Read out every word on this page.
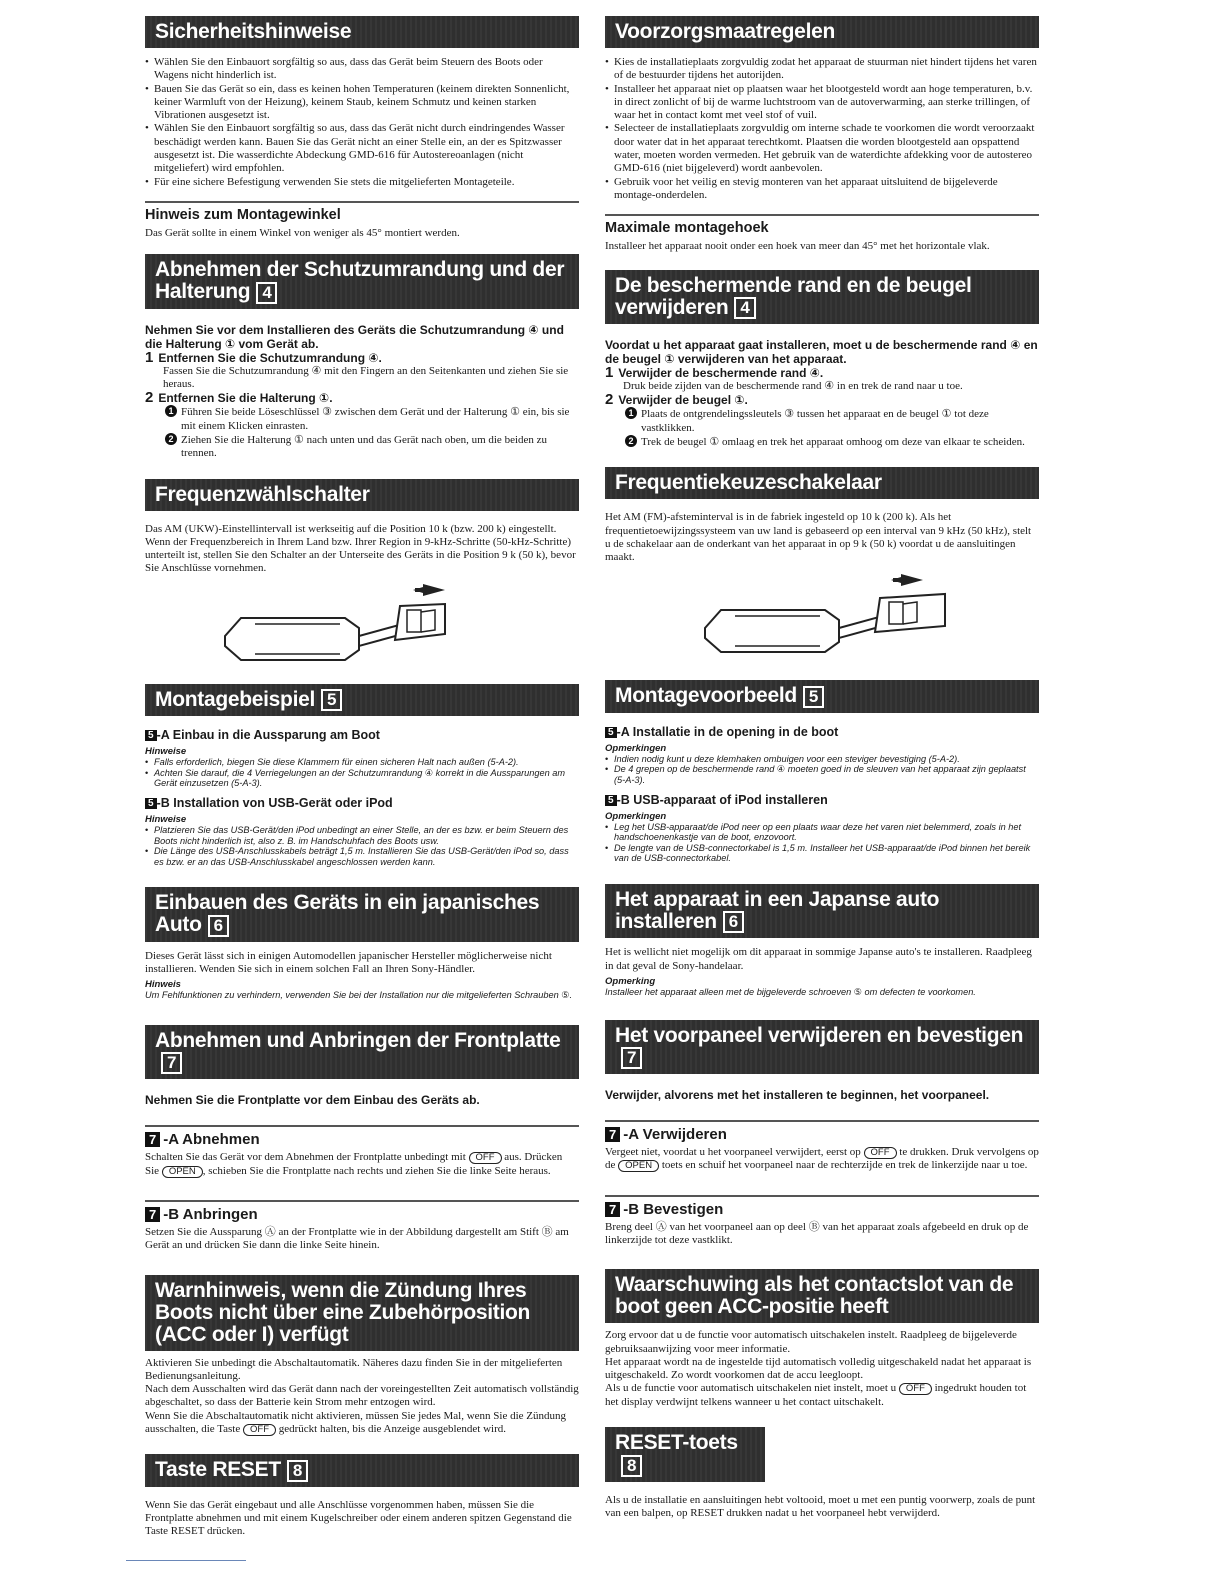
Sicherheitshinweise
• Wählen Sie den Einbauort sorgfältig so aus, dass das Gerät beim Steuern des Boots oder Wagens nicht hinderlich ist.
• Bauen Sie das Gerät so ein, dass es keinen hohen Temperaturen (keinem direkten Sonnenlicht, keiner Warmluft von der Heizung), keinem Staub, keinem Schmutz und keinen starken Vibrationen ausgesetzt ist.
• Wählen Sie den Einbauort sorgfältig so aus, dass das Gerät nicht durch eindringendes Wasser beschädigt werden kann. Bauen Sie das Gerät nicht an einer Stelle ein, an der es Spitzwasser ausgesetzt ist. Die wasserdichte Abdeckung GMD-616 für Autostereoanlagen (nicht mitgeliefert) wird empfohlen.
• Für eine sichere Befestigung verwenden Sie stets die mitgelieferten Montageteile.

Hinweis zum Montagewinkel

Das Gerät sollte in einem Winkel von weniger als 45° montiert werden.

Abnehmen der Schutzumrandung und der Halterung 4

Nehmen Sie vor dem Installieren des Geräts die Schutzumrandung ④ und die Halterung ① vom Gerät ab.

1 Entfernen Sie die Schutzumrandung ④.

Fassen Sie die Schutzumrandung ④ mit den Fingern an den Seitenkanten und ziehen Sie sie heraus.

2 Entfernen Sie die Halterung ①.

1 Führen Sie beide Löseschlüssel ③ zwischen dem Gerät und der Halterung ① ein, bis sie mit einem Klicken einrasten.

2 Ziehen Sie die Halterung ① nach unten und das Gerät nach oben, um die beiden zu trennen.

Frequenzwählschalter

Das AM (UKW)-Einstellintervall ist werkseitig auf die Position 10 k (bzw. 200 k) eingestellt. Wenn der Frequenzbereich in Ihrem Land bzw. Ihrer Region in 9-kHz-Schritte (50-kHz-Schritte) unterteilt ist, stellen Sie den Schalter an der Unterseite des Geräts in die Position 9 k (50 k), bevor Sie Anschlüsse vornehmen.

Montagebeispiel 5

5 -A Einbau in die Aussparung am Boot

Hinweise

• Falls erforderlich, biegen Sie diese Klammern für einen sicheren Halt nach außen (5-A-2).
• Achten Sie darauf, die 4 Verriegelungen an der Schutzumrandung ④ korrekt in die Aussparungen am Gerät einzusetzen (5-A-3).

5 -B Installation von USB-Gerät oder iPod

Hinweise

• Platzieren Sie das USB-Gerät/den iPod unbedingt an einer Stelle, an der es bzw. er beim Steuern des Boots nicht hinderlich ist, also z. B. im Handschuhfach des Boots usw.
• Die Länge des USB-Anschlusskabels beträgt 1,5 m. Installieren Sie das USB-Gerät/den iPod so, dass es bzw. er an das USB-Anschlusskabel angeschlossen werden kann.
Einbauen des Geräts in ein japanisches Auto 6

Dieses Gerät lässt sich in einigen Automodellen japanischer Hersteller möglicherweise nicht installieren. Wenden Sie sich in einem solchen Fall an Ihren Sony-Händler.

Hinweis

Um Fehlfunktionen zu verhindern, verwenden Sie bei der Installation nur die mitgelieferten Schrauben ⑤.

Abnehmen und Anbringen der Frontplatte7

Nehmen Sie die Frontplatte vor dem Einbau des Geräts ab.

7 -A Abnehmen

Schalten Sie das Gerät vor dem Abnehmen der Frontplatte unbedingt mit OFF aus. Drücken Sie OPEN , schieben Sie die Frontplatte nach rechts und ziehen Sie die linke Seite heraus.

7 -B Anbringen

Setzen Sie die Aussparung Ⓐ an der Frontplatte wie in der Abbildung dargestellt am Stift Ⓑ am Gerät an und drücken Sie dann die linke Seite hinein.

Warnhinweis, wenn die Zündung Ihres Boots nicht über eine Zubehörposition (ACC oder I) verfügt

Aktivieren Sie unbedingt die Abschaltautomatik. Näheres dazu finden Sie in der mitgelieferten Bedienungsanleitung.

Nach dem Ausschalten wird das Gerät dann nach der voreingestellten Zeit automatisch vollständig abgeschaltet, so dass der Batterie kein Strom mehr entzogen wird.

Wenn Sie die Abschaltautomatik nicht aktivieren, müssen Sie jedes Mal, wenn Sie die Zündung ausschalten, die Taste OFF gedrückt halten, bis die Anzeige ausgeblendet wird.

Taste RESET 8

Wenn Sie das Gerät eingebaut und alle Anschlüsse vorgenommen haben, müssen Sie die Frontplatte abnehmen und mit einem Kugelschreiber oder einem anderen spitzen Gegenstand die Taste RESET drücken.

Voorzorgsmaatregelen
• Kies de installatieplaats zorgvuldig zodat het apparaat de stuurman niet hindert tijdens het varen of de bestuurder tijdens het autorijden.
• Installeer het apparaat niet op plaatsen waar het blootgesteld wordt aan hoge temperaturen, b.v. in direct zonlicht of bij de warme luchtstroom van de autoverwarming, aan sterke trillingen, of waar het in contact komt met veel stof of vuil.
• Selecteer de installatieplaats zorgvuldig om interne schade te voorkomen die wordt veroorzaakt door water dat in het apparaat terechtkomt. Plaatsen die worden blootgesteld aan opspattend water, moeten worden vermeden. Het gebruik van de waterdichte afdekking voor de autostereo GMD-616 (niet bijgeleverd) wordt aanbevolen.
• Gebruik voor het veilig en stevig monteren van het apparaat uitsluitend de bijgeleverde montage-onderdelen.

Maximale montagehoek

Installeer het apparaat nooit onder een hoek van meer dan 45° met het horizontale vlak.

De beschermende rand en de beugel verwijderen 4

Voordat u het apparaat gaat installeren, moet u de beschermende rand ④ en de beugel ① verwijderen van het apparaat.

1 Verwijder de beschermende rand ④.

Druk beide zijden van de beschermende rand ④ in en trek de rand naar u toe.

2 Verwijder de beugel ①.

1 Plaats de ontgrendelingssleutels ③ tussen het apparaat en de beugel ① tot deze vastklikken.

2 Trek de beugel ① omlaag en trek het apparaat omhoog om deze van elkaar te scheiden.

Frequentiekeuzeschakelaar

Het AM (FM)-afsteminterval is in de fabriek ingesteld op 10 k (200 k). Als het frequentietoewijzingssysteem van uw land is gebaseerd op een interval van 9 kHz (50 kHz), stelt u de schakelaar aan de onderkant van het apparaat in op 9 k (50 k) voordat u de aansluitingen maakt.

Montagevoorbeeld 5

5 -A Installatie in de opening in de boot

Opmerkingen

• Indien nodig kunt u deze klemhaken ombuigen voor een steviger bevestiging (5-A-2).
• De 4 grepen op de beschermende rand ④ moeten goed in de sleuven van het apparaat zijn geplaatst (5-A-3).

5 -B USB-apparaat of iPod installeren

Opmerkingen

• Leg het USB-apparaat/de iPod neer op een plaats waar deze het varen niet belemmerd, zoals in het handschoenenkastje van de boot, enzovoort.
• De lengte van de USB-connectorkabel is 1,5 m. Installeer het USB-apparaat/de iPod binnen het bereik van de USB-connectorkabel.
Het apparaat in een Japanse auto installeren 6

Het is wellicht niet mogelijk om dit apparaat in sommige Japanse auto's te installeren. Raadpleeg in dat geval de Sony-handelaar.

Opmerking

Installeer het apparaat alleen met de bijgeleverde schroeven ⑤ om defecten te voorkomen.

Het voorpaneel verwijderen en bevestigen7

Verwijder, alvorens met het installeren te beginnen, het voorpaneel.

7 -A Verwijderen

Vergeet niet, voordat u het voorpaneel verwijdert, eerst op OFF te drukken. Druk vervolgens op de OPEN toets en schuif het voorpaneel naar de rechterzijde en trek de linkerzijde naar u toe.

7 -B Bevestigen

Breng deel Ⓐ van het voorpaneel aan op deel Ⓑ van het apparaat zoals afgebeeld en druk op de linkerzijde tot deze vastklikt.

Waarschuwing als het contactslot van de boot geen ACC-positie heeft

Zorg ervoor dat u de functie voor automatisch uitschakelen instelt. Raadpleeg de bijgeleverde gebruiksaanwijzing voor meer informatie.

Het apparaat wordt na de ingestelde tijd automatisch volledig uitgeschakeld nadat het apparaat is uitgeschakeld. Zo wordt voorkomen dat de accu leegloopt.

Als u de functie voor automatisch uitschakelen niet instelt, moet u OFF ingedrukt houden tot het display verdwijnt telkens wanneer u het contact uitschakelt.

RESET-toets8

Als u de installatie en aansluitingen hebt voltooid, moet u met een puntig voorwerp, zoals de punt van een balpen, op RESET drukken nadat u het voorpaneel hebt verwijderd.
